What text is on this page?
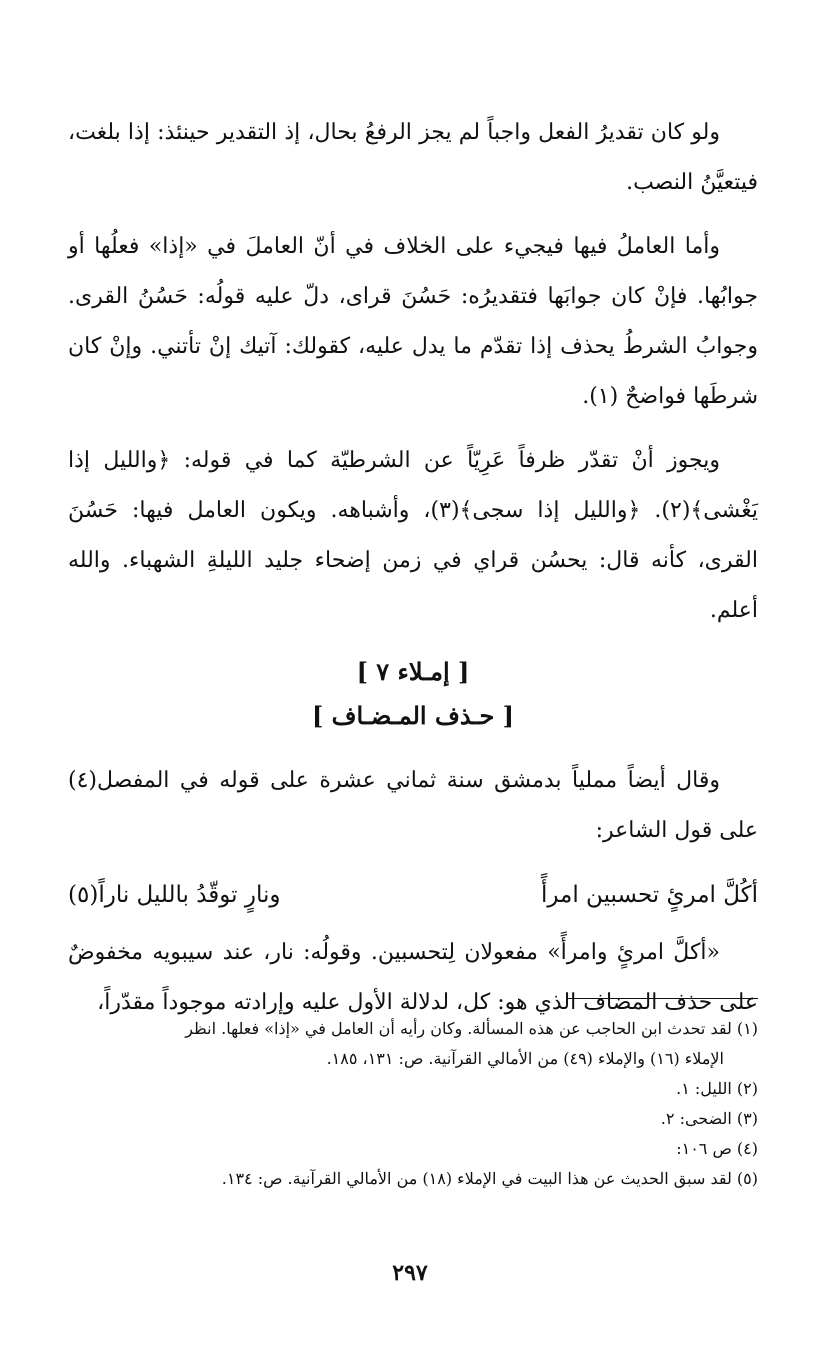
ولو كان تقديرُ الفعل واجباً لم يجز الرفعُ بحال، إذ التقدير حينئذ: إذا بلغت، فيتعيَّنُ النصب.

وأما العاملُ فيها فيجيء على الخلاف في أنّ العاملَ في «إذا» فعلُها أو جوابُها. فإنْ كان جوابَها فتقديرُه: حَسُنَ قراى، دلّ عليه قولُه: حَسُنُ القرى. وجوابُ الشرطُ يحذف إذا تقدّم ما يدل عليه، كقولك: آتيك إنْ تأتني. وإنْ كان شرطَها فواضحٌ (١).

ويجوز أنْ تقدّر ظرفاً عَرِيّاً عن الشرطيّة كما في قوله: ﴿والليل إذا يَغْشى﴾(٢). ﴿والليل إذا سجى﴾(٣)، وأشباهه. ويكون العامل فيها: حَسُنَ القرى، كأنه قال: يحسُن قراي في زمن إضحاء جليد الليلةِ الشهباء. والله أعلم.

[ إمـلاء ٧ ]
[ حـذف المـضـاف ]

وقال أيضاً مملياً بدمشق سنة ثماني عشرة على قوله في المفصل(٤) على قول الشاعر:

أكُلَّ امرئٍ تحسبين امرأً
ونارٍ توقّدُ بالليل ناراً(٥)

«أكلَّ امرئٍ وامرأً» مفعولان لِتحسبين. وقولُه: نار، عند سيبويه مخفوضٌ على حذف المضاف الذي هو: كل، لدلالة الأول عليه وإرادته موجوداً مقدّراً،

(١) لقد تحدث ابن الحاجب عن هذه المسألة. وكان رأيه أن العامل في «إذا» فعلها. انظر
الإملاء (١٦) والإملاء (٤٩) من الأمالي القرآنية. ص: ١٣١، ١٨٥.
(٢) الليل: ١.
(٣) الضحى: ٢.
(٤) ص ١٠٦:
(٥) لقد سبق الحديث عن هذا البيت في الإملاء (١٨) من الأمالي القرآنية. ص: ١٣٤.
٢٩٧
